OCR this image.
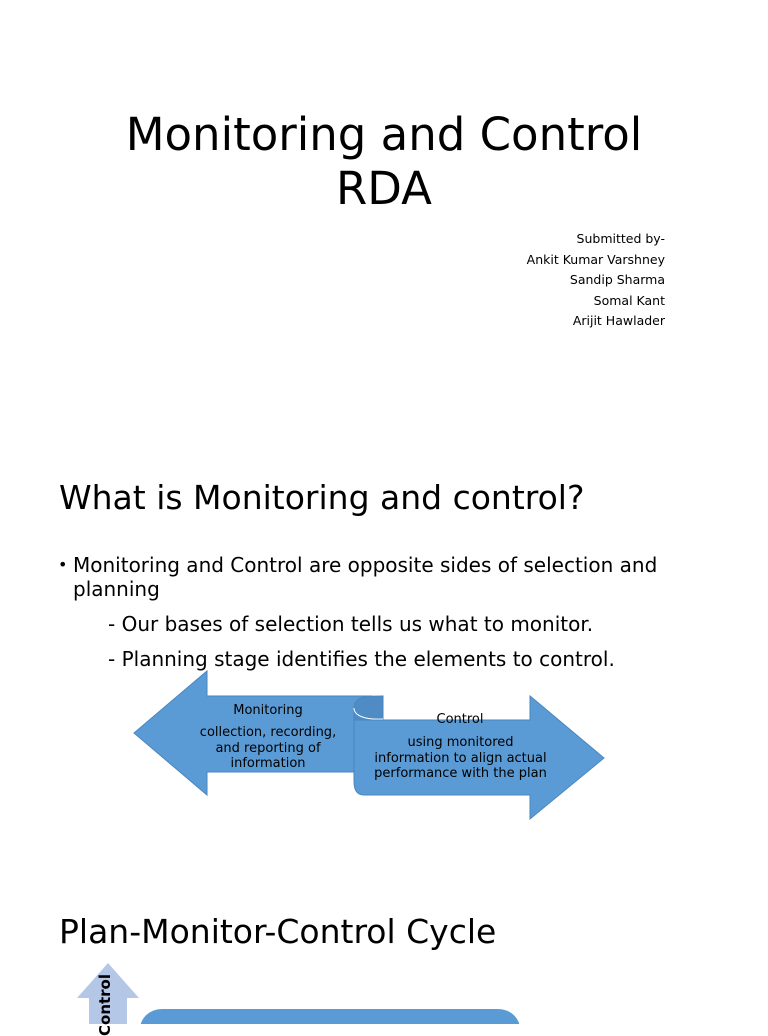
Monitoring and Control
RDA
Submitted by-
Ankit Kumar Varshney
Sandip Sharma
Somal Kant
Arijit Hawlader
What is Monitoring and control?
• Monitoring and Control are opposite sides of selection and planning
- Our bases of selection tells us what to monitor.
- Planning stage identifies the elements to control.
Monitoring
collection, recording, and reporting of information
Control
using monitored information to align actual performance with the plan
Plan-Monitor-Control Cycle
